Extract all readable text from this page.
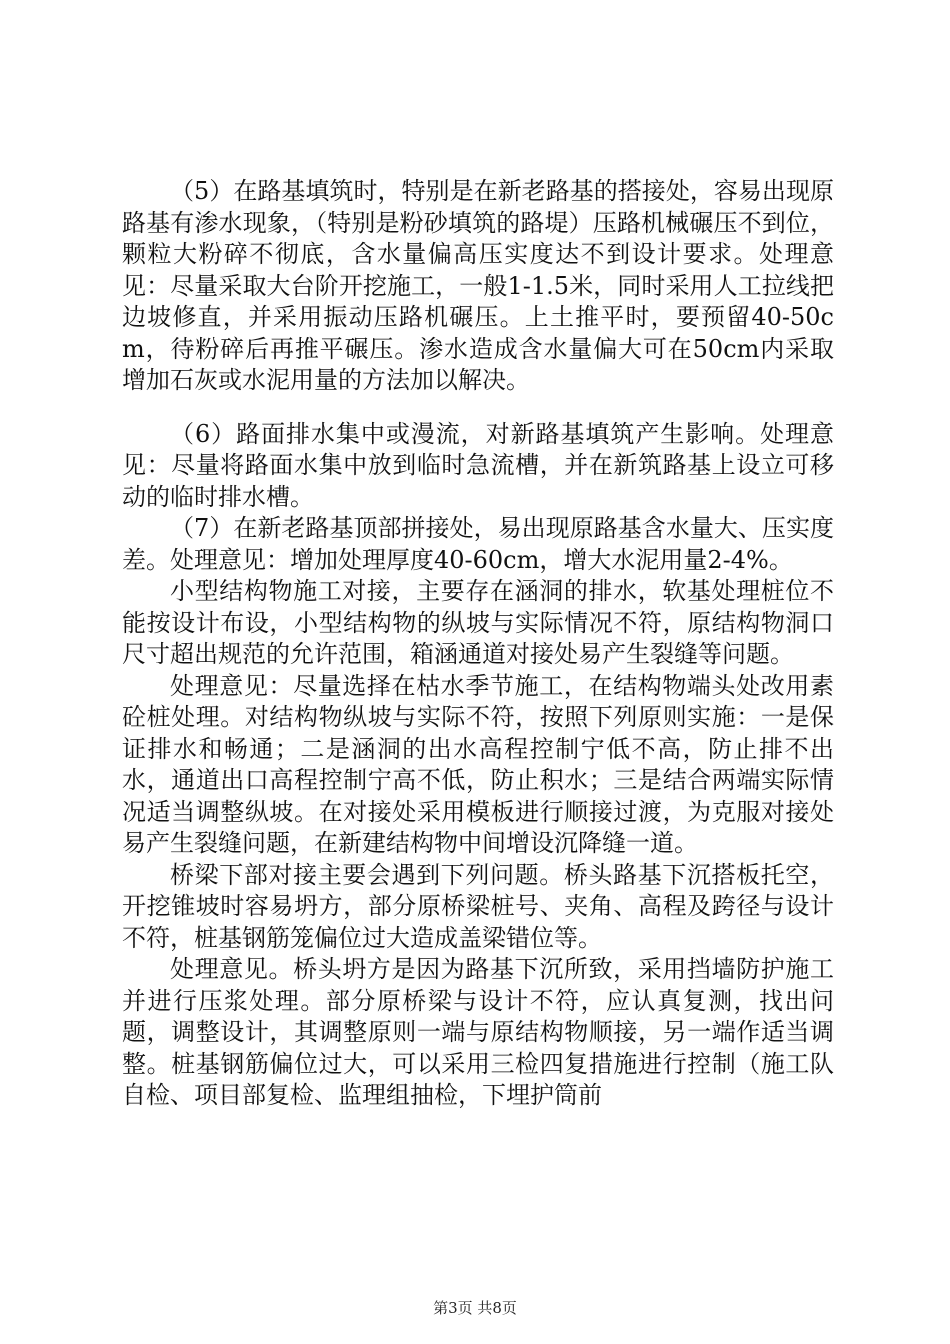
（5）在路基填筑时，特别是在新老路基的搭接处，容易出现原路基有渗水现象，（特别是粉砂填筑的路堤）压路机械碾压不到位，颗粒大粉碎不彻底，含水量偏高压实度达不到设计要求。处理意见：尽量采取大台阶开挖施工，一般1-1.5米，同时采用人工拉线把边坡修直，并采用振动压路机碾压。上土推平时，要预留40-50cm，待粉碎后再推平碾压。渗水造成含水量偏大可在50cm内采取增加石灰或水泥用量的方法加以解决。

（6）路面排水集中或漫流，对新路基填筑产生影响。处理意见：尽量将路面水集中放到临时急流槽，并在新筑路基上设立可移动的临时排水槽。

（7）在新老路基顶部拼接处，易出现原路基含水量大、压实度差。处理意见：增加处理厚度40-60cm，增大水泥用量2-4%。

小型结构物施工对接，主要存在涵洞的排水，软基处理桩位不能按设计布设，小型结构物的纵坡与实际情况不符，原结构物洞口尺寸超出规范的允许范围，箱涵通道对接处易产生裂缝等问题。

处理意见：尽量选择在枯水季节施工，在结构物端头处改用素砼桩处理。对结构物纵坡与实际不符，按照下列原则实施：一是保证排水和畅通；二是涵洞的出水高程控制宁低不高，防止排不出水，通道出口高程控制宁高不低，防止积水；三是结合两端实际情况适当调整纵坡。在对接处采用模板进行顺接过渡，为克服对接处易产生裂缝问题，在新建结构物中间增设沉降缝一道。

桥梁下部对接主要会遇到下列问题。桥头路基下沉搭板托空，开挖锥坡时容易坍方，部分原桥梁桩号、夹角、高程及跨径与设计不符，桩基钢筋笼偏位过大造成盖梁错位等。

处理意见。桥头坍方是因为路基下沉所致，采用挡墙防护施工并进行压浆处理。部分原桥梁与设计不符，应认真复测，找出问题，调整设计，其调整原则一端与原结构物顺接，另一端作适当调整。桩基钢筋偏位过大，可以采用三检四复措施进行控制（施工队自检、项目部复检、监理组抽检，下埋护筒前

第3页 共8页
